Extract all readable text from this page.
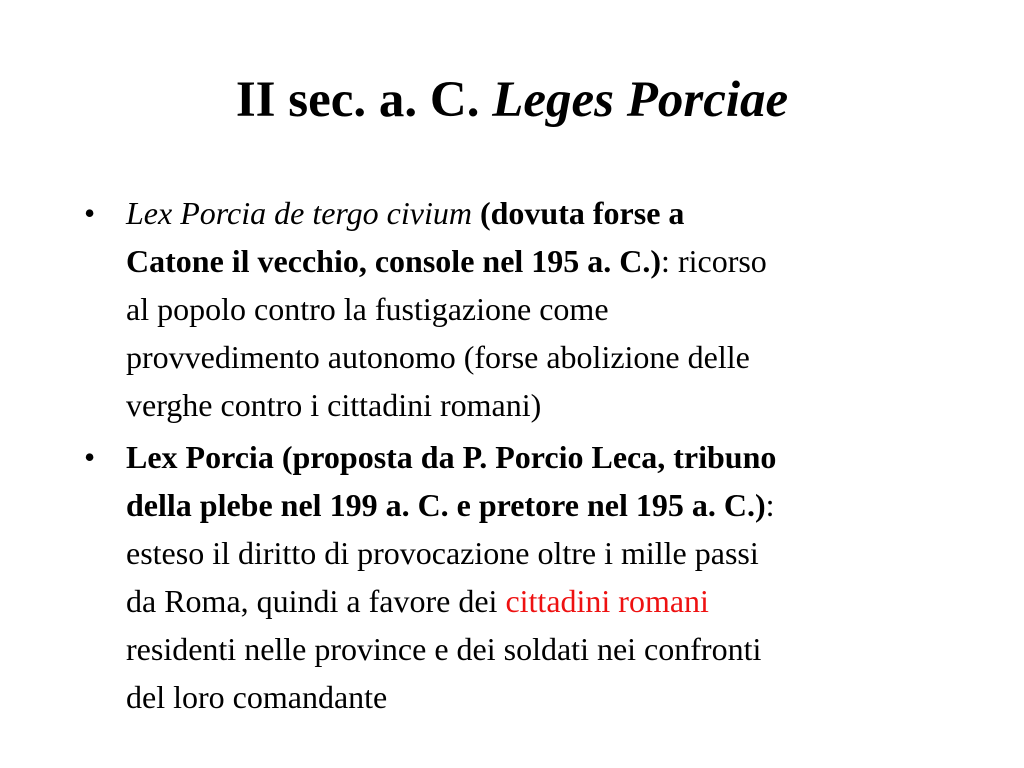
II sec. a. C. Leges Porciae
• Lex Porcia de tergo civium (dovuta forse a
Catone il vecchio, console nel 195 a. C.): ricorso
al popolo contro la fustigazione come
provvedimento autonomo (forse abolizione delle
verghe contro i cittadini romani)
• Lex Porcia (proposta da P. Porcio Leca, tribuno
della plebe nel 199 a. C. e pretore nel 195 a. C.):
esteso il diritto di provocazione oltre i mille passi
da Roma, quindi a favore dei cittadini romani
residenti nelle province e dei soldati nei confronti
del loro comandante
